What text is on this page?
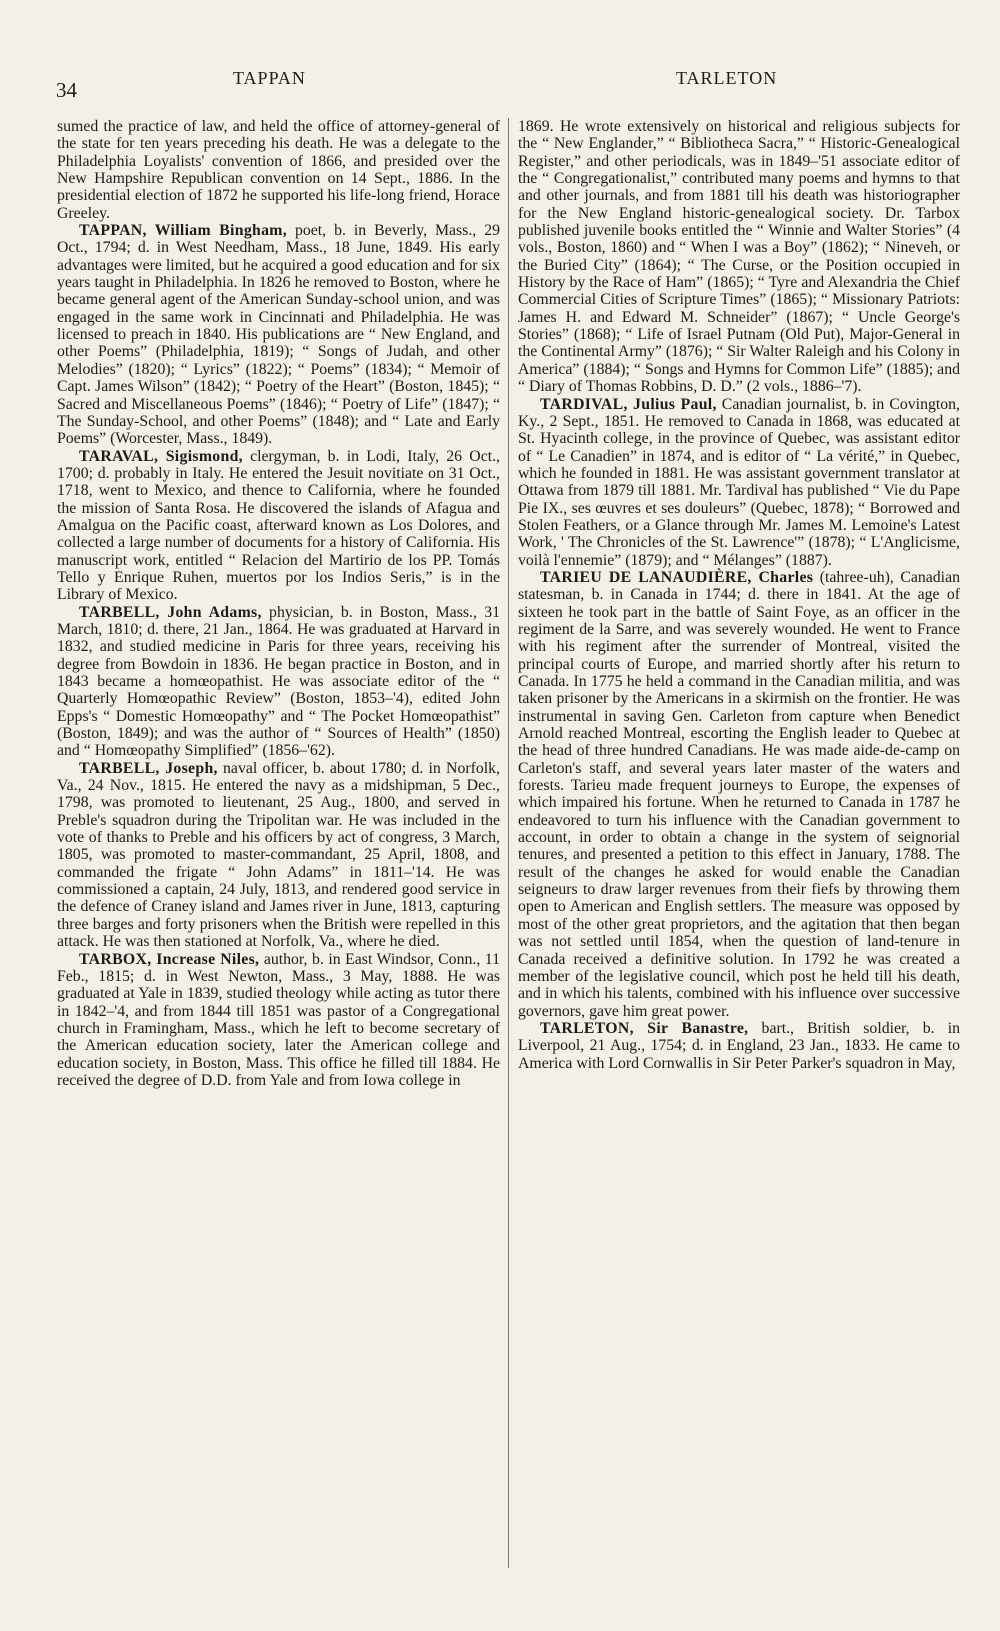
34	TAPPAN	TARLETON

sumed the practice of law, and held the office of attorney-general of the state for ten years preceding his death. He was a delegate to the Philadelphia Loyalists' convention of 1866, and presided over the New Hampshire Republican convention on 14 Sept., 1886. In the presidential election of 1872 he supported his life-long friend, Horace Greeley.

TAPPAN, William Bingham, poet, b. in Beverly, Mass., 29 Oct., 1794; d. in West Needham, Mass., 18 June, 1849. His early advantages were limited, but he acquired a good education and for six years taught in Philadelphia. In 1826 he removed to Boston, where he became general agent of the American Sunday-school union, and was engaged in the same work in Cincinnati and Philadelphia. He was licensed to preach in 1840. His publications are “ New England, and other Poems” (Philadelphia, 1819); “ Songs of Judah, and other Melodies” (1820); “ Lyrics” (1822); “ Poems” (1834); “ Memoir of Capt. James Wilson” (1842); “ Poetry of the Heart” (Boston, 1845); “ Sacred and Miscellaneous Poems” (1846); “ Poetry of Life” (1847); “ The Sunday-School, and other Poems” (1848); and “ Late and Early Poems” (Worcester, Mass., 1849).

TARAVAL, Sigismond, clergyman, b. in Lodi, Italy, 26 Oct., 1700; d. probably in Italy. He entered the Jesuit novitiate on 31 Oct., 1718, went to Mexico, and thence to California, where he founded the mission of Santa Rosa. He discovered the islands of Afagua and Amalgua on the Pacific coast, afterward known as Los Dolores, and collected a large number of documents for a history of California. His manuscript work, entitled “ Relacion del Martirio de los PP. Tomás Tello y Enrique Ruhen, muertos por los Indios Seris,” is in the Library of Mexico.

TARBELL, John Adams, physician, b. in Boston, Mass., 31 March, 1810; d. there, 21 Jan., 1864. He was graduated at Harvard in 1832, and studied medicine in Paris for three years, receiving his degree from Bowdoin in 1836. He began practice in Boston, and in 1843 became a homœopathist. He was associate editor of the “ Quarterly Homœopathic Review” (Boston, 1853–'4), edited John Epps's “ Domestic Homœopathy” and “ The Pocket Homœopathist” (Boston, 1849); and was the author of “ Sources of Health” (1850) and “ Homœopathy Simplified” (1856–'62).

TARBELL, Joseph, naval officer, b. about 1780; d. in Norfolk, Va., 24 Nov., 1815. He entered the navy as a midshipman, 5 Dec., 1798, was promoted to lieutenant, 25 Aug., 1800, and served in Preble's squadron during the Tripolitan war. He was included in the vote of thanks to Preble and his officers by act of congress, 3 March, 1805, was promoted to master-commandant, 25 April, 1808, and commanded the frigate “ John Adams” in 1811–'14. He was commissioned a captain, 24 July, 1813, and rendered good service in the defence of Craney island and James river in June, 1813, capturing three barges and forty prisoners when the British were repelled in this attack. He was then stationed at Norfolk, Va., where he died.

TARBOX, Increase Niles, author, b. in East Windsor, Conn., 11 Feb., 1815; d. in West Newton, Mass., 3 May, 1888. He was graduated at Yale in 1839, studied theology while acting as tutor there in 1842–'4, and from 1844 till 1851 was pastor of a Congregational church in Framingham, Mass., which he left to become secretary of the American education society, later the American college and education society, in Boston, Mass. This office he filled till 1884. He received the degree of D.D. from Yale and from Iowa college in

1869. He wrote extensively on historical and religious subjects for the “ New Englander,” “ Bibliotheca Sacra,” “ Historic-Genealogical Register,” and other periodicals, was in 1849–'51 associate editor of the “ Congregationalist,” contributed many poems and hymns to that and other journals, and from 1881 till his death was historiographer for the New England historic-genealogical society. Dr. Tarbox published juvenile books entitled the “ Winnie and Walter Stories” (4 vols., Boston, 1860) and “ When I was a Boy” (1862); “ Nineveh, or the Buried City” (1864); “ The Curse, or the Position occupied in History by the Race of Ham” (1865); “ Tyre and Alexandria the Chief Commercial Cities of Scripture Times” (1865); “ Missionary Patriots: James H. and Edward M. Schneider” (1867); “ Uncle George's Stories” (1868); “ Life of Israel Putnam (Old Put), Major-General in the Continental Army” (1876); “ Sir Walter Raleigh and his Colony in America” (1884); “ Songs and Hymns for Common Life” (1885); and “ Diary of Thomas Robbins, D. D.” (2 vols., 1886–'7).

TARDIVAL, Julius Paul, Canadian journalist, b. in Covington, Ky., 2 Sept., 1851. He removed to Canada in 1868, was educated at St. Hyacinth college, in the province of Quebec, was assistant editor of “ Le Canadien” in 1874, and is editor of “ La vérité,” in Quebec, which he founded in 1881. He was assistant government translator at Ottawa from 1879 till 1881. Mr. Tardival has published “ Vie du Pape Pie IX., ses œuvres et ses douleurs” (Quebec, 1878); “ Borrowed and Stolen Feathers, or a Glance through Mr. James M. Lemoine's Latest Work, ' The Chronicles of the St. Lawrence'” (1878); “ L'Anglicisme, voilà l'ennemie” (1879); and “ Mélanges” (1887).

TARIEU DE LANAUDIÈRE, Charles (tahree-uh), Canadian statesman, b. in Canada in 1744; d. there in 1841. At the age of sixteen he took part in the battle of Saint Foye, as an officer in the regiment de la Sarre, and was severely wounded. He went to France with his regiment after the surrender of Montreal, visited the principal courts of Europe, and married shortly after his return to Canada. In 1775 he held a command in the Canadian militia, and was taken prisoner by the Americans in a skirmish on the frontier. He was instrumental in saving Gen. Carleton from capture when Benedict Arnold reached Montreal, escorting the English leader to Quebec at the head of three hundred Canadians. He was made aide-de-camp on Carleton's staff, and several years later master of the waters and forests. Tarieu made frequent journeys to Europe, the expenses of which impaired his fortune. When he returned to Canada in 1787 he endeavored to turn his influence with the Canadian government to account, in order to obtain a change in the system of seignorial tenures, and presented a petition to this effect in January, 1788. The result of the changes he asked for would enable the Canadian seigneurs to draw larger revenues from their fiefs by throwing them open to American and English settlers. The measure was opposed by most of the other great proprietors, and the agitation that then began was not settled until 1854, when the question of land-tenure in Canada received a definitive solution. In 1792 he was created a member of the legislative council, which post he held till his death, and in which his talents, combined with his influence over successive governors, gave him great power.

TARLETON, Sir Banastre, bart., British soldier, b. in Liverpool, 21 Aug., 1754; d. in England, 23 Jan., 1833. He came to America with Lord Cornwallis in Sir Peter Parker's squadron in May,
